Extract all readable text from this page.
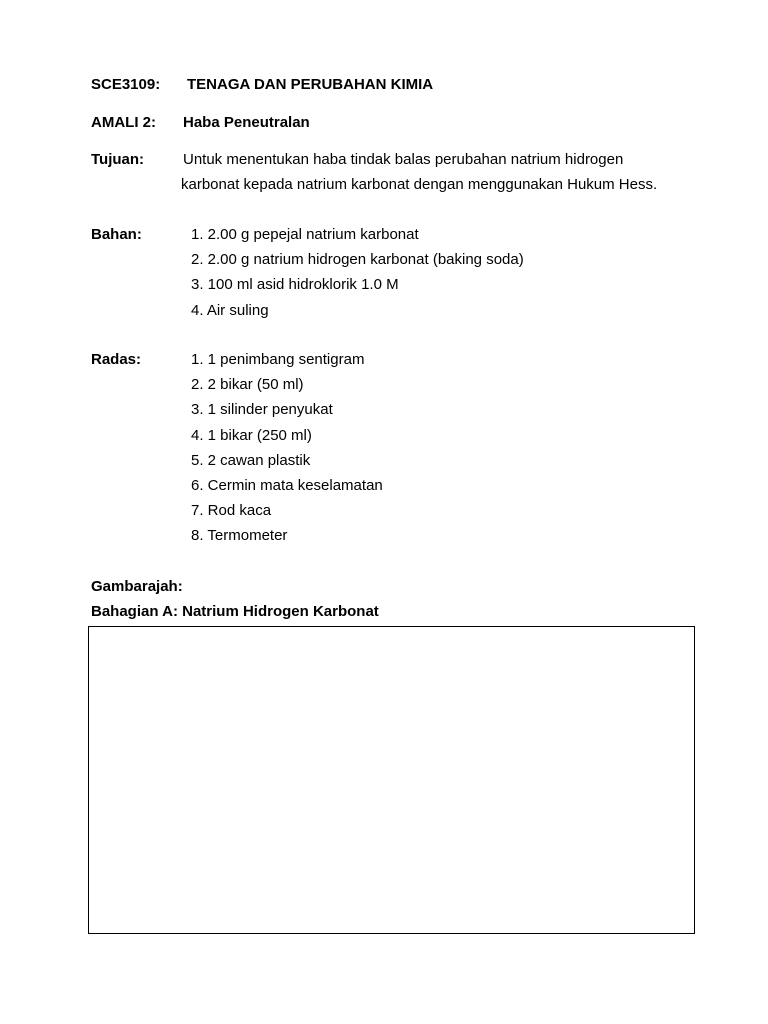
SCE3109: TENAGA DAN PERUBAHAN KIMIA
AMALI 2: Haba Peneutralan
Tujuan:	Untuk menentukan haba tindak balas perubahan natrium hidrogen
karbonat kepada natrium karbonat dengan menggunakan Hukum Hess.
Bahan:	1. 2.00 g pepejal natrium karbonat
2. 2.00 g natrium hidrogen karbonat (baking soda)
3. 100 ml asid hidroklorik 1.0 M
4. Air suling
Radas:	1. 1 penimbang sentigram
2. 2 bikar (50 ml)
3. 1 silinder penyukat
4. 1 bikar (250 ml)
5. 2 cawan plastik
6. Cermin mata keselamatan
7. Rod kaca
8. Termometer
Gambarajah:
Bahagian A: Natrium Hidrogen Karbonat
